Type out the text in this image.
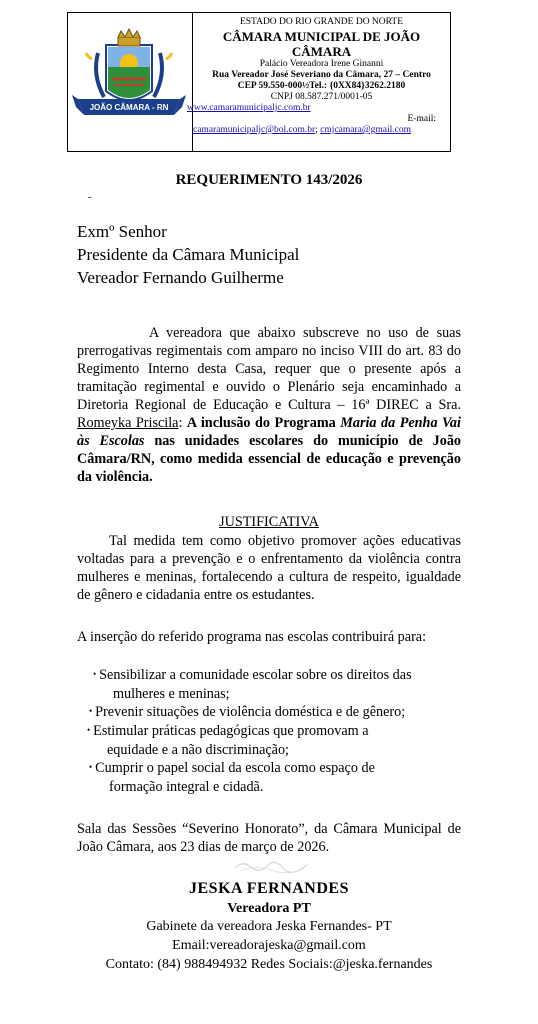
JOÃO CÂMARA - RN
1928	1953
ESTADO DO RIO GRANDE DO NORTE
CÂMARA MUNICIPAL DE JOÃO CÂMARA
Palácio Vereadora Irene Ginanni
Rua Vereador José Severiano da Câmara, 27 – Centro
CEP 59.550-000½Tel.: {0XX84}3262.2180
CNPJ 08.587.271/0001-05
www.camaramunicipaljc.com.br
E-mail:
camaramunicipaljc@bol.com.br; cmjcamara@gmail.com
REQUERIMENTO 143/2026
-
Exmº Senhor
Presidente da Câmara Municipal
Vereador Fernando Guilherme
A vereadora que abaixo subscreve no uso de suas prerrogativas regimentais com amparo no inciso VIII do art. 83 do Regimento Interno desta Casa, requer que o presente após a tramitação regimental e ouvido o Plenário seja encaminhado a Diretoria Regional de Educação e Cultura – 16ª DIREC a Sra. Romeyka Priscila: A inclusão do Programa Maria da Penha Vai às Escolas nas unidades escolares do município de João Câmara/RN, como medida essencial de educação e prevenção da violência.
JUSTIFICATIVA
Tal medida tem como objetivo promover ações educativas voltadas para a prevenção e o enfrentamento da violência contra mulheres e meninas, fortalecendo a cultura de respeito, igualdade de gênero e cidadania entre os estudantes.
A inserção do referido programa nas escolas contribuirá para:
• Sensibilizar a comunidade escolar sobre os direitos das
mulheres e meninas;
• Prevenir situações de violência doméstica e de gênero;
• Estimular práticas pedagógicas que promovam a
equidade e a não discriminação;
• Cumprir o papel social da escola como espaço de
formação integral e cidadã.
Sala das Sessões “Severino Honorato”, da Câmara Municipal de João Câmara, aos 23 dias de março de 2026.
JESKA FERNANDES
Vereadora PT
Gabinete da vereadora Jeska Fernandes- PT
Email:vereadorajeska@gmail.com
Contato: (84) 988494932 Redes Sociais:@jeska.fernandes
